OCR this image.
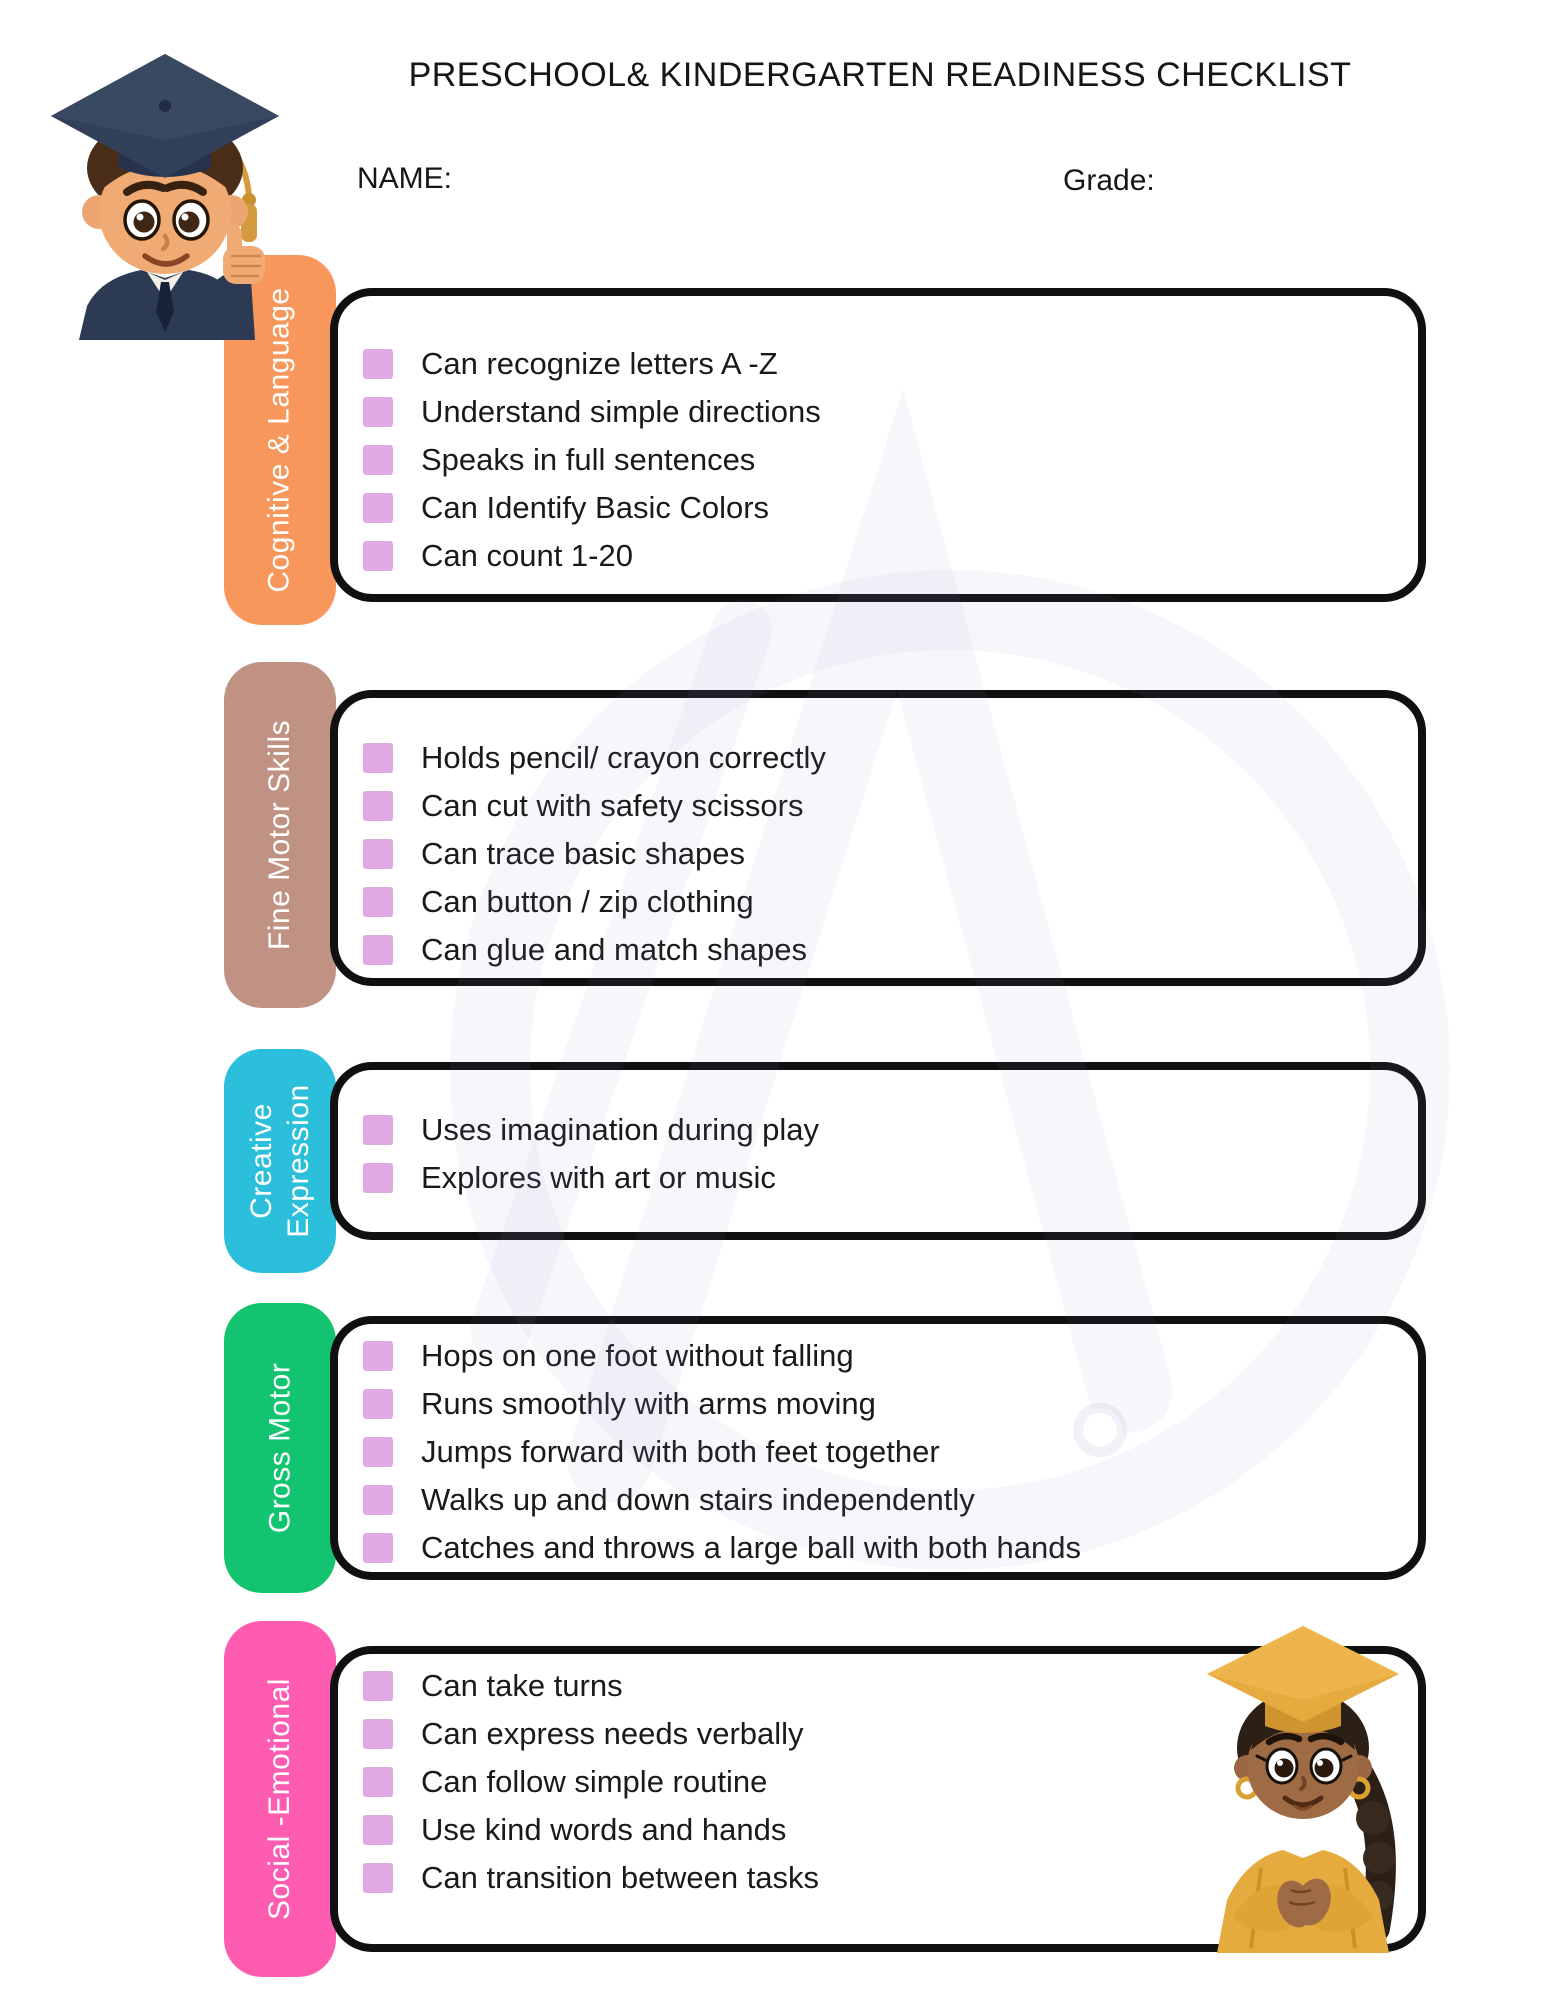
PRESCHOOL& KINDERGARTEN READINESS CHECKLIST
NAME:	Grade:
Cognitive & Language	Can recognize letters A -Z
Understand simple directions
Speaks in full sentences
Can Identify Basic Colors
Can count 1-20
Fine Motor Skills	Holds pencil/ crayon correctly
Can cut with safety scissors
Can trace basic shapes
Can button / zip clothing
Can glue and match shapes
Creative Expression	Uses imagination during play
Explores with art or music
Gross Motor
Hops on one foot without falling
Runs smoothly with arms moving
Jumps forward with both feet together
Walks up and down stairs independently
Catches and throws a large ball with both hands
Social -Emotional	Can take turns
Can express needs verbally
Can follow simple routine
Use kind words and hands
Can transition between tasks
